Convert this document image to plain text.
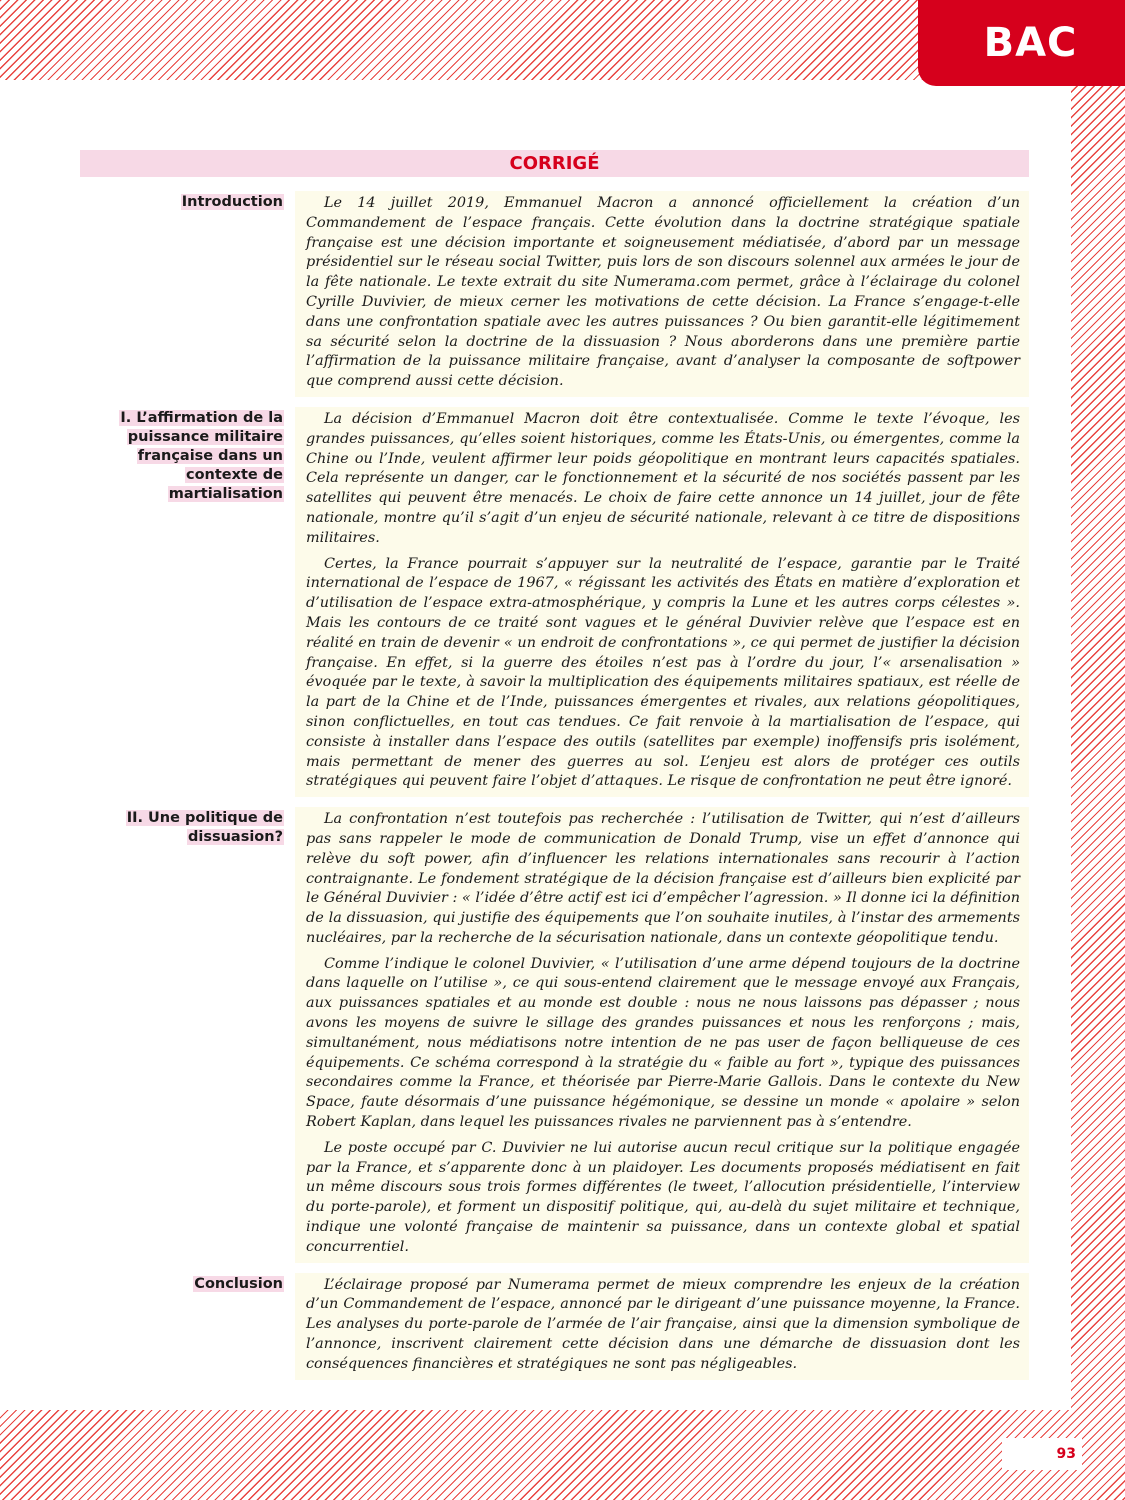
BAC
CORRIGÉ
Introduction	Le 14 juillet 2019, Emmanuel Macron a annoncé officiellement la création d’un Commandement de l’espace français. Cette évolution dans la doctrine stratégique spatiale française est une décision importante et soigneusement médiatisée, d’abord par un message présidentiel sur le réseau social Twitter, puis lors de son discours solennel aux armées le jour de la fête nationale. Le texte extrait du site Numerama.com permet, grâce à l’éclairage du colonel Cyrille Duvivier, de mieux cerner les motivations de cette décision. La France s’engage-t-elle dans une confrontation spatiale avec les autres puissances ? Ou bien garantit-elle légitimement sa sécurité selon la doctrine de la dissuasion ? Nous aborderons dans une première partie l’affirmation de la puissance militaire française, avant d’analyser la composante de softpower que comprend aussi cette décision.

I. L’affirmation de la puissance militaire française dans un contexte de martialisation

La décision d’Emmanuel Macron doit être contextualisée. Comme le texte l’évoque, les grandes puissances, qu’elles soient historiques, comme les États-Unis, ou émergentes, comme la Chine ou l’Inde, veulent affirmer leur poids géopolitique en montrant leurs capacités spatiales. Cela représente un danger, car le fonctionnement et la sécurité de nos sociétés passent par les satellites qui peuvent être menacés. Le choix de faire cette annonce un 14 juillet, jour de fête nationale, montre qu’il s’agit d’un enjeu de sécurité nationale, relevant à ce titre de dispositions militaires.

Certes, la France pourrait s’appuyer sur la neutralité de l’espace, garantie par le Traité international de l’espace de 1967, « régissant les activités des États en matière d’exploration et d’utilisation de l’espace extra-atmosphérique, y compris la Lune et les autres corps célestes ». Mais les contours de ce traité sont vagues et le général Duvivier relève que l’espace est en réalité en train de devenir « un endroit de confrontations », ce qui permet de justifier la décision française. En effet, si la guerre des étoiles n’est pas à l’ordre du jour, l’« arsenalisation » évoquée par le texte, à savoir la multiplication des équipements militaires spatiaux, est réelle de la part de la Chine et de l’Inde, puissances émergentes et rivales, aux relations géopolitiques, sinon conflictuelles, en tout cas tendues. Ce fait renvoie à la martialisation de l’espace, qui consiste à installer dans l’espace des outils (satellites par exemple) inoffensifs pris isolément, mais permettant de mener des guerres au sol. L’enjeu est alors de protéger ces outils stratégiques qui peuvent faire l’objet d’attaques. Le risque de confrontation ne peut être ignoré.

II. Une politique de dissuasion?

La confrontation n’est toutefois pas recherchée : l’utilisation de Twitter, qui n’est d’ailleurs pas sans rappeler le mode de communication de Donald Trump, vise un effet d’annonce qui relève du soft power, afin d’influencer les relations internationales sans recourir à l’action contraignante. Le fondement stratégique de la décision française est d’ailleurs bien explicité par le Général Duvivier : « l’idée d’être actif est ici d’empêcher l’agression. » Il donne ici la définition de la dissuasion, qui justifie des équipements que l’on souhaite inutiles, à l’instar des armements nucléaires, par la recherche de la sécurisation nationale, dans un contexte géopolitique tendu.

Comme l’indique le colonel Duvivier, « l’utilisation d’une arme dépend toujours de la doctrine dans laquelle on l’utilise », ce qui sous-entend clairement que le message envoyé aux Français, aux puissances spatiales et au monde est double : nous ne nous laissons pas dépasser ; nous avons les moyens de suivre le sillage des grandes puissances et nous les renforçons ; mais, simultanément, nous médiatisons notre intention de ne pas user de façon belliqueuse de ces équipements. Ce schéma correspond à la stratégie du « faible au fort », typique des puissances secondaires comme la France, et théorisée par Pierre-Marie Gallois. Dans le contexte du New Space, faute désormais d’une puissance hégémonique, se dessine un monde « apolaire » selon Robert Kaplan, dans lequel les puissances rivales ne parviennent pas à s’entendre.

Le poste occupé par C. Duvivier ne lui autorise aucun recul critique sur la politique engagée par la France, et s’apparente donc à un plaidoyer. Les documents proposés médiatisent en fait un même discours sous trois formes différentes (le tweet, l’allocution présidentielle, l’interview du porte-parole), et forment un dispositif politique, qui, au-delà du sujet militaire et technique, indique une volonté française de maintenir sa puissance, dans un contexte global et spatial concurrentiel.

Conclusion	L’éclairage proposé par Numerama permet de mieux comprendre les enjeux de la création d’un Commandement de l’espace, annoncé par le dirigeant d’une puissance moyenne, la France. Les analyses du porte-parole de l’armée de l’air française, ainsi que la dimension symbolique de l’annonce, inscrivent clairement cette décision dans une démarche de dissuasion dont les conséquences financières et stratégiques ne sont pas négligeables.

93
